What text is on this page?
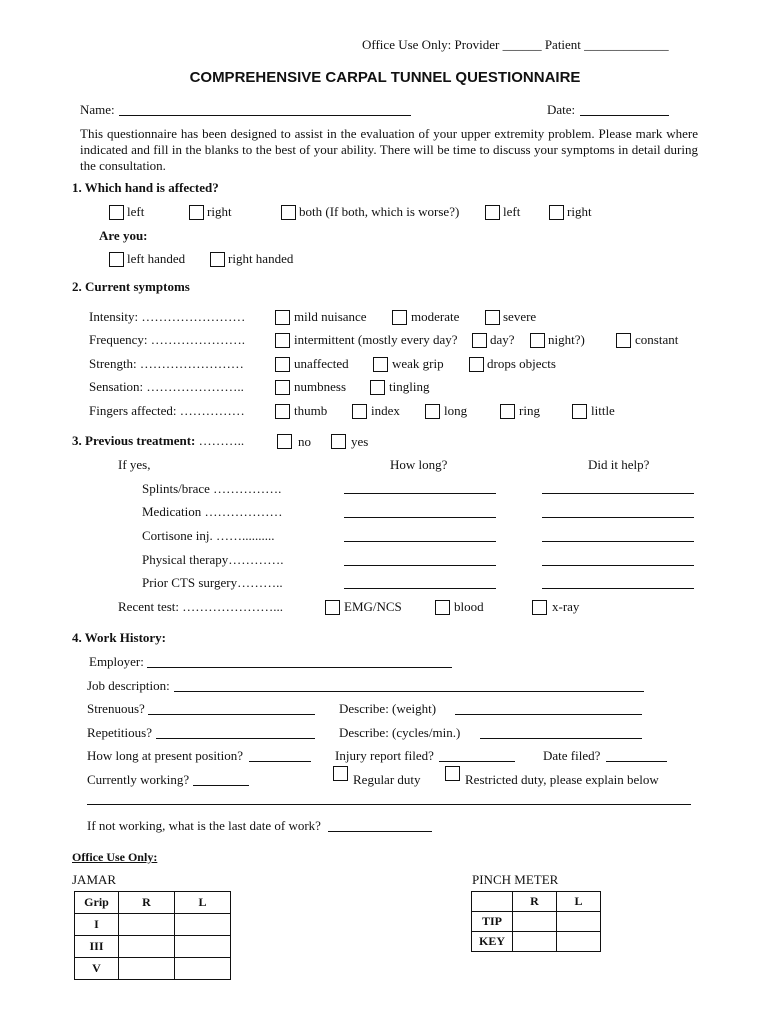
Office Use Only: Provider ______ Patient _____________
COMPREHENSIVE CARPAL TUNNEL QUESTIONNAIRE
Name:	Date:
This questionnaire has been designed to assist in the evaluation of your upper extremity problem. Please mark where indicated and fill in the blanks to the best of your ability. There will be time to discuss your symptoms in detail during the consultation.
1. Which hand is affected?
left	right	both (If both, which is worse?)	left	right
Are you:
left handed	right handed
2. Current symptoms
Intensity: ……………………	mild nuisance	moderate	severe
Frequency: ………………….	intermittent (mostly every day? day?	night?)	constant
Strength: ……………………	unaffected	weak grip	drops objects
Sensation: …………………..	numbness	tingling
Fingers affected: ……………	thumb	index	long	ring	little
3. Previous treatment: ………..	no	yes
If yes,	How long?	Did it help?
Splints/brace …………….
Medication ………………
Cortisone inj. ……..........
Physical therapy………….
Prior CTS surgery………..
Recent test: …………………...	EMG/NCS	blood	x-ray
4. Work History:
Employer:
Job description:
Strenuous?	Describe: (weight)
Repetitious?	Describe: (cycles/min.)
How long at present position?	Injury report filed?	Date filed?
Currently working?	Regular duty	Restricted duty, please explain below
If not working, what is the last date of work?
Office Use Only:
JAMAR	PINCH METER
Grip	R	L
I		
III		
V		
	R	L
TIP		
KEY		
